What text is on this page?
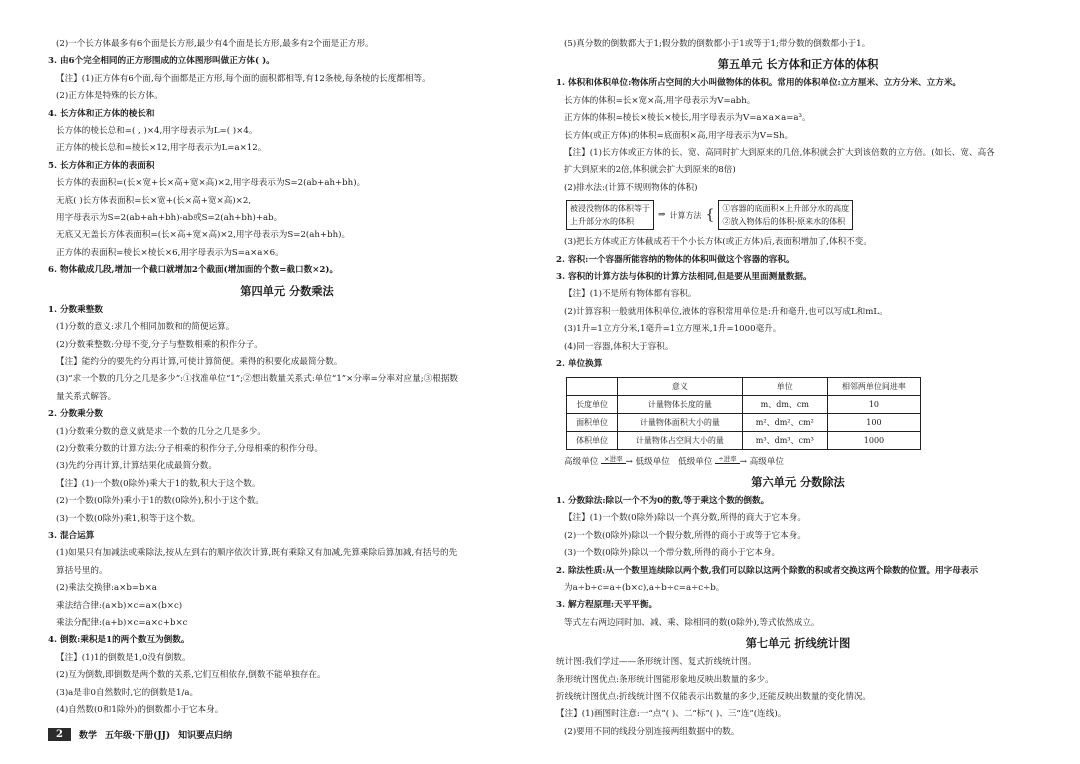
(2)一个长方体最多有6个面是长方形,最少有4个面是长方形,最多有2个面是正方形。
3. 由6个完全相同的正方形围成的立体图形叫做正方体( )。
【注】(1)正方体有6个面,每个面都是正方形,每个面的面积都相等,有12条棱,每条棱的长度都相等。
(2)正方体是特殊的长方体。
4. 长方体和正方体的棱长和
长方体的棱长总和=( , )×4,用字母表示为L=( )×4。
正方体的棱长总和=棱长×12,用字母表示为L=a×12。
5. 长方体和正方体的表面积
长方体的表面积=(长×宽+长×高+宽×高)×2,用字母表示为S=2(ab+ah+bh)。
无底( )长方体表面积=长×宽+(长×高+宽×高)×2,
用字母表示为S=2(ab+ah+bh)-ab或S=2(ah+bh)+ab。
无底又无盖长方体表面积=(长×高+宽×高)×2,用字母表示为S=2(ah+bh)。
正方体的表面积=棱长×棱长×6,用字母表示为S=a×a×6。
6. 物体截成几段,增加一个截口就增加2个截面(增加面的个数=截口数×2)。
第四单元 分数乘法
1. 分数乘整数
(1)分数的意义:求几个相同加数和的简便运算。
(2)分数乘整数:分母不变,分子与整数相乘的积作分子。
【注】能约分的要先约分再计算,可使计算简便。乘得的积要化成最简分数。
(3)“求一个数的几分之几是多少”:①找准单位“1”;②想出数量关系式:单位“1”×分率=分率对应量;③根据数
量关系式解答。
2. 分数乘分数
(1)分数乘分数的意义就是求一个数的几分之几是多少。
(2)分数乘分数的计算方法:分子相乘的积作分子,分母相乘的积作分母。
(3)先约分再计算,计算结果化成最简分数。
【注】(1)一个数(0除外)乘大于1的数,积大于这个数。
(2)一个数(0除外)乘小于1的数(0除外),积小于这个数。
(3)一个数(0除外)乘1,积等于这个数。
3. 混合运算
(1)如果只有加减法或乘除法,按从左到右的顺序依次计算,既有乘除又有加减,先算乘除后算加减,有括号的先
算括号里的。
(2)乘法交换律:a×b=b×a
乘法结合律:(a×b)×c=a×(b×c)
乘法分配律:(a+b)×c=a×c+b×c
4. 倒数:乘积是1的两个数互为倒数。
【注】(1)1的倒数是1,0没有倒数。
(2)互为倒数,即倒数是两个数的关系,它们互相依存,倒数不能单独存在。
(3)a是非0自然数时,它的倒数是1/a。
(4)自然数(0和1除外)的倒数都小于它本身。
(5)真分数的倒数都大于1;假分数的倒数都小于1或等于1;带分数的倒数都小于1。
第五单元 长方体和正方体的体积
1. 体积和体积单位:物体所占空间的大小叫做物体的体积。常用的体积单位:立方厘米、立方分米、立方米。
长方体的体积=长×宽×高,用字母表示为V=abh。
正方体的体积=棱长×棱长×棱长,用字母表示为V=a×a×a=a³。
长方体(或正方体)的体积=底面积×高,用字母表示为V=Sh。
【注】(1)长方体或正方体的长、宽、高同时扩大到原来的几倍,体积就会扩大到该倍数的立方倍。(如长、宽、高各
扩大到原来的2倍,体积就会扩大到原来的8倍)
(2)排水法:(计算不规则物体的体积)
被浸没物体的体积等于
上升部分水的体积
⇒ 计算方法 { ①容器的底面积×上升部分水的高度
②放入物体后的体积-原来水的体积
(3)把长方体或正方体截成若干个小长方体(或正方体)后,表面积增加了,体积不变。
2. 容积:一个容器所能容纳的物体的体积叫做这个容器的容积。
3. 容积的计算方法与体积的计算方法相同,但是要从里面测量数据。
【注】(1)不是所有物体都有容积。
(2)计算容积一般就用体积单位,液体的容积常用单位是:升和毫升,也可以写成L和mL。
(3)1升=1立方分米,1毫升=1立方厘米,1升=1000毫升。
(4)同一容器,体积大于容积。
2. 单位换算
	意义	单位	相邻两单位间进率
长度单位	计量物体长度的量	m、dm、cm	10
面积单位	计量物体面积大小的量	m²、dm²、cm²	100
体积单位	计量物体占空间大小的量	m³、dm³、cm³	1000
高级单位 ×进率 → 低级单位 低级单位 ÷进率 → 高级单位
第六单元 分数除法
1. 分数除法:除以一个不为0的数,等于乘这个数的倒数。
【注】(1)一个数(0除外)除以一个真分数,所得的商大于它本身。
(2)一个数(0除外)除以一个假分数,所得的商小于或等于它本身。
(3)一个数(0除外)除以一个带分数,所得的商小于它本身。
2. 除法性质:从一个数里连续除以两个数,我们可以除以这两个除数的积或者交换这两个除数的位置。用字母表示
为a÷b÷c=a÷(b×c),a÷b÷c=a÷c÷b。
3. 解方程原理:天平平衡。
等式左右两边同时加、减、乘、除相同的数(0除外),等式依然成立。
第七单元 折线统计图
统计图:我们学过——条形统计图、复式折线统计图。
条形统计图优点:条形统计图能形象地反映出数量的多少。
折线统计图优点:折线统计图不仅能表示出数量的多少,还能反映出数量的变化情况。
【注】(1)画图时注意:一“点”( )、二“标”( )、三“连”(连线)。
(2)要用不同的线段分别连接两组数据中的数。
2	数学 五年级·下册(JJ) 知识要点归纳
